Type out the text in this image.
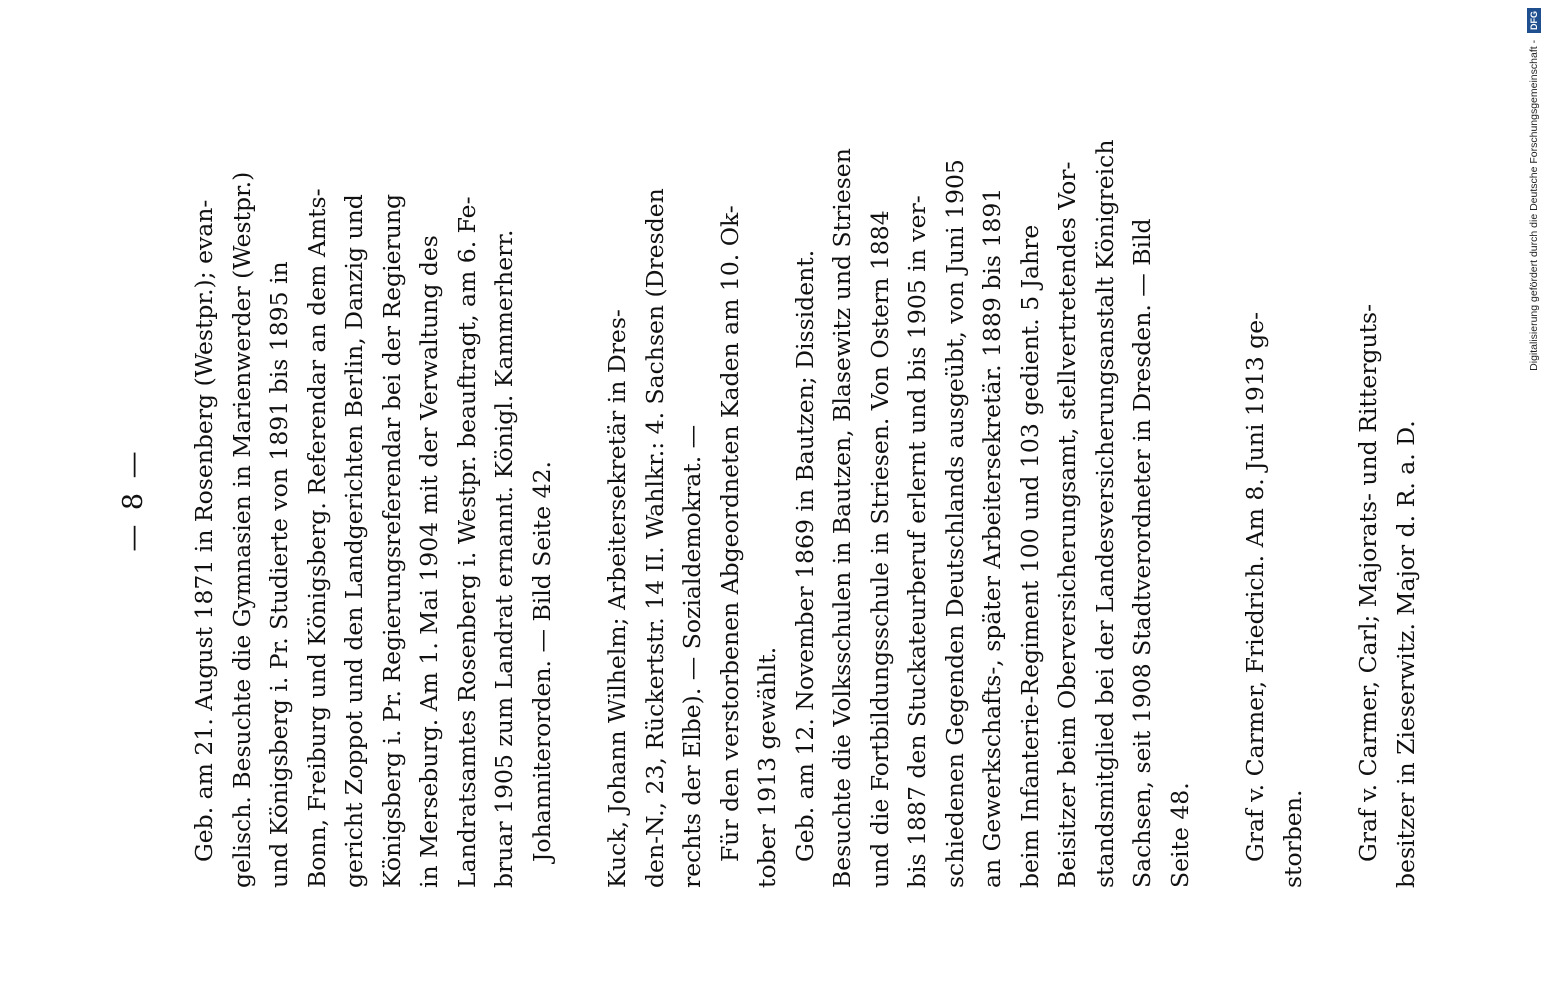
— 8 — Geb. am 21. August 1871 in Rosenberg (Westpr.); evan- gelisch. Besuchte die Gymnasien in Marienwerder (Westpr.) und Königsberg i. Pr. Studierte von 1891 bis 1895 in Bonn, Freiburg und Königsberg. Referendar an dem Amts- gericht Zoppot und den Landgerichten Berlin, Danzig und Königsberg i. Pr. Regierungsreferendar bei der Regierung in Merseburg. Am 1. Mai 1904 mit der Verwaltung des Landratsamtes Rosenberg i. Westpr. beauftragt, am 6. Fe- bruar 1905 zum Landrat ernannt. Königl. Kammerherr. Johanniterorden. — Bild Seite 42. Kuck, Johann Wilhelm; Arbeitersekretär in Dres- den-N., 23, Rückertstr. 14 II. Wahlkr.: 4. Sachsen (Dresden rechts der Elbe). — Sozialdemokrat. — Für den verstorbenen Abgeordneten Kaden am 10. Ok- tober 1913 gewählt. Geb. am 12. November 1869 in Bautzen; Dissident. Besuchte die Volksschulen in Bautzen, Blasewitz und Striesen und die Fortbildungsschule in Striesen. Von Ostern 1884 bis 1887 den Stuckateurberuf erlernt und bis 1905 in ver- schiedenen Gegenden Deutschlands ausgeübt, von Juni 1905 an Gewerkschafts-, später Arbeitersekretär. 1889 bis 1891 beim Infanterie-Regiment 100 und 103 gedient. 5 Jahre Beisitzer beim Oberversicherungsamt, stellvertretendes Vor- standsmitglied bei der Landesversicherungsanstalt Königreich Sachsen, seit 1908 Stadtverordneter in Dresden. — Bild Seite 48. Graf v. Carmer, Friedrich. Am 8. Juni 1913 ge- storben. Graf v. Carmer, Carl; Majorats- und Ritterguts- besitzer in Zieserwitz. Major d. R. a. D.
Digitalisierung gefördert durch die Deutsche Forschungsgemeinschaft - DFG
